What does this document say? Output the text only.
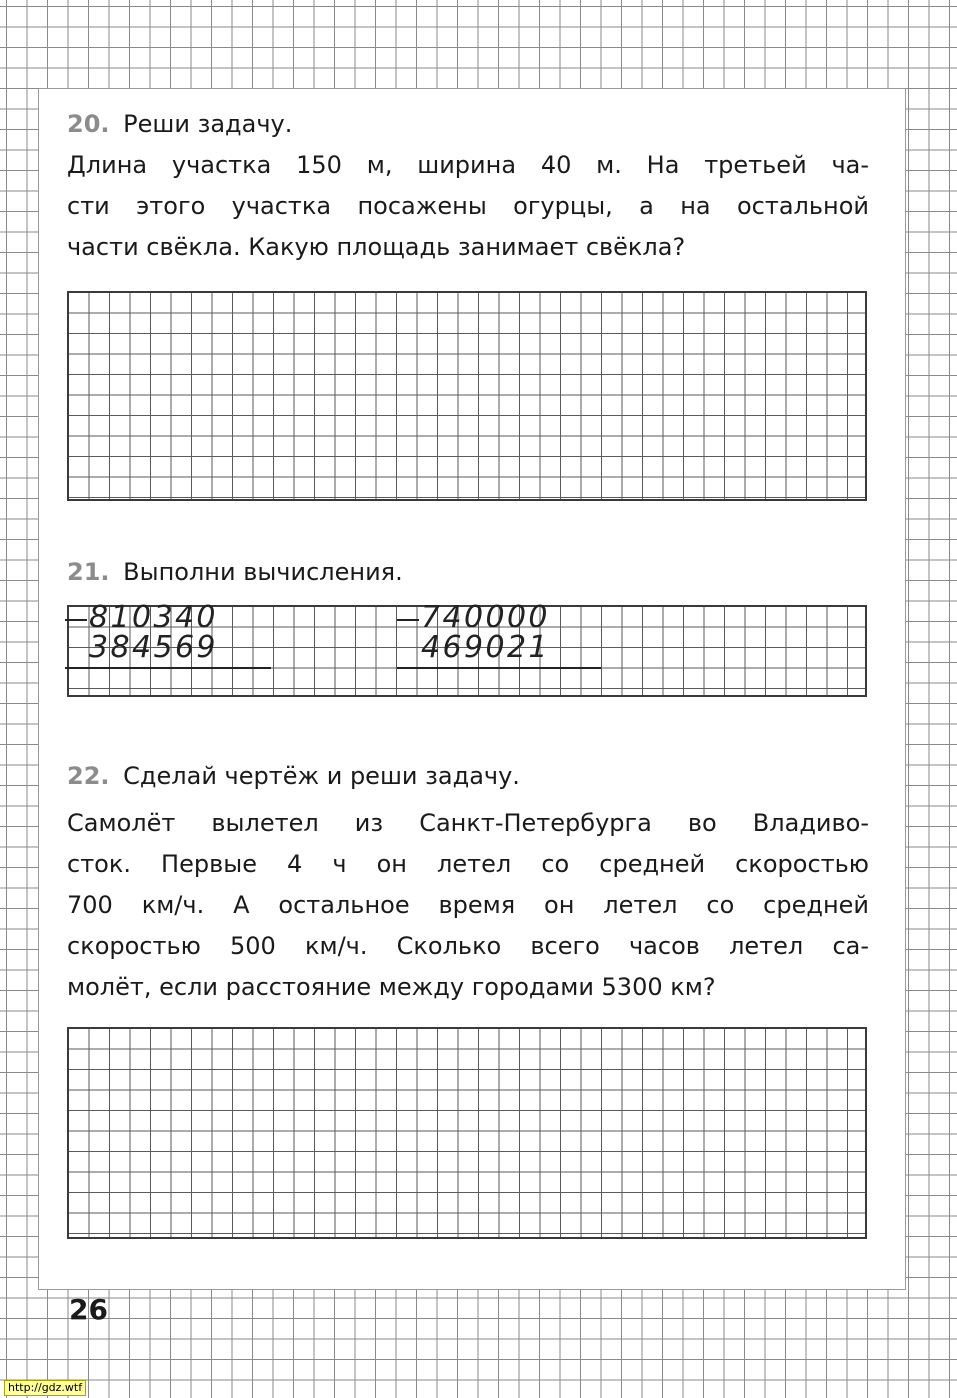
20. Реши задачу.
Длина участка 150 м, ширина 40 м. На третьей ча-
сти этого участка посажены огурцы, а на остальной
части свёкла. Какую площадь занимает свёкла?
21. Выполни вычисления.
810340
384569
740000
469021
22. Сделай чертёж и реши задачу.
Самолёт вылетел из Санкт-Петербурга во Владиво-
сток. Первые 4 ч он летел со средней скоростью
700 км/ч. А остальное время он летел со средней
скоростью 500 км/ч. Сколько всего часов летел са-
молёт, если расстояние между городами 5300 км?
26
http://gdz.wtf
